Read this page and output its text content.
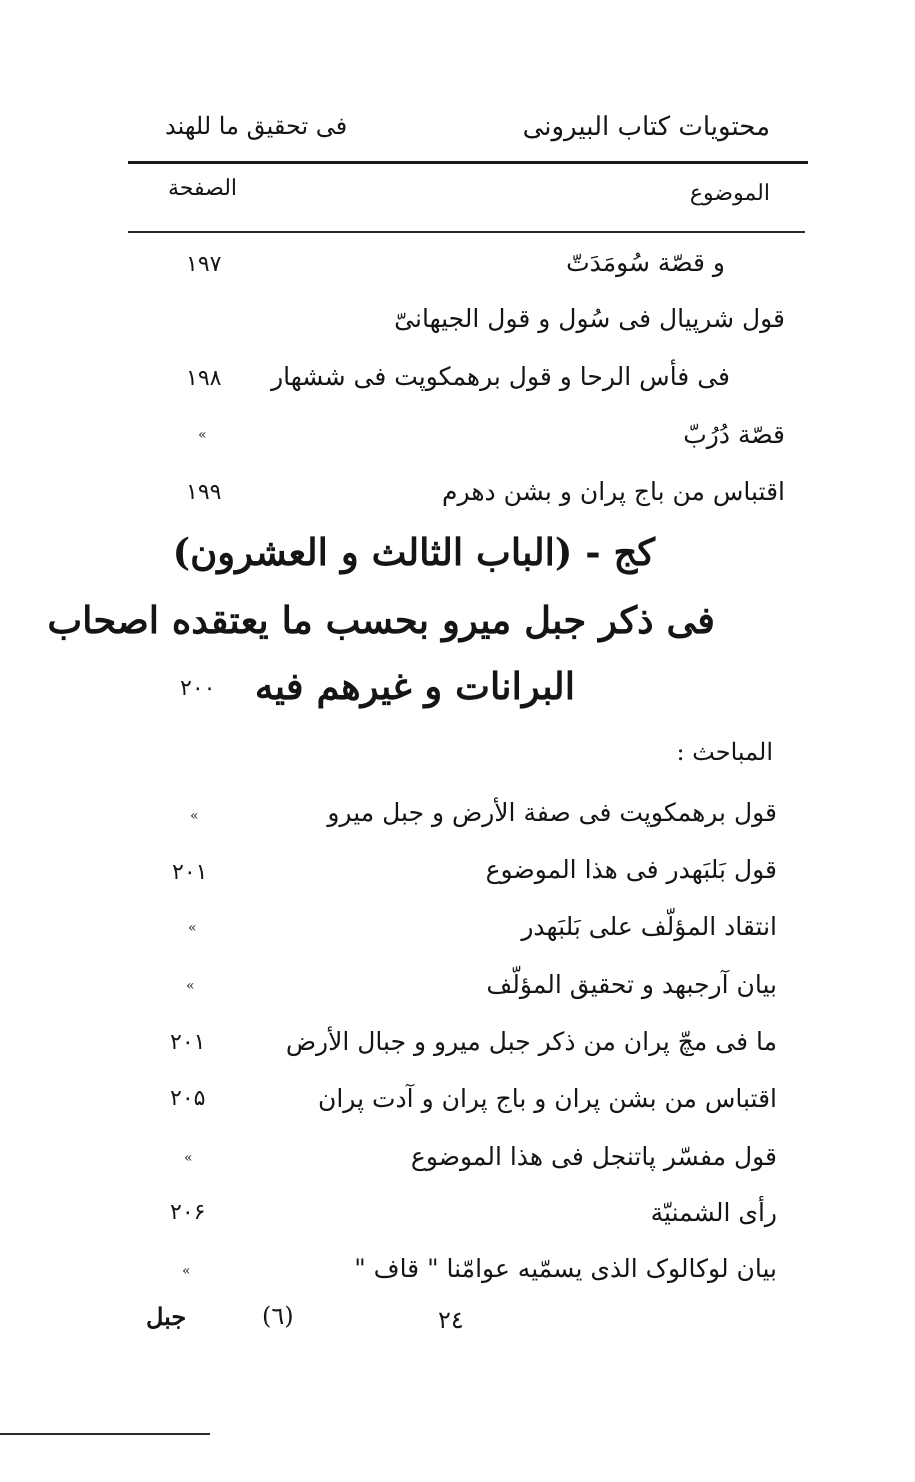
محتویات کتاب البیرونی
فی تحقیق ما للهند
الموضوع
الصفحة
و قصّة سُومَدَتّ
۱۹۷
قول شرپیال فی سُول و قول الجیهانیّ
فی فأس الرحا و قول برهمکوپت فی ششهار
۱۹۸
قصّة دُرُبّ
»
اقتباس من باج پران و بشن دهرم
۱۹۹
کج - (الباب الثالث و العشرون)
فی ذکر جبل میرو بحسب ما یعتقده اصحاب
البرانات و غیرهم فیه
۲۰۰
المباحث :
قول برهمکوپت فی صفة الأرض و جبل میرو
»
قول بَلبَهدر فی هذا الموضوع
۲۰۱
انتقاد المؤلّف علی بَلبَهدر
»
بیان آرجبهد و تحقیق المؤلّف
»
ما فی مچّ پران من ذکر جبل میرو و جبال الأرض
۲۰۱
اقتباس من بشن پران و باج پران و آدت پران
۲۰۵
قول مفسّر پاتنجل فی هذا الموضوع
»
رأی الشمنیّة
۲۰۶
بیان لوکالوک الذی یسمّیه عوامّنا " قاف "
»
جبل	(٦)	۲٤
